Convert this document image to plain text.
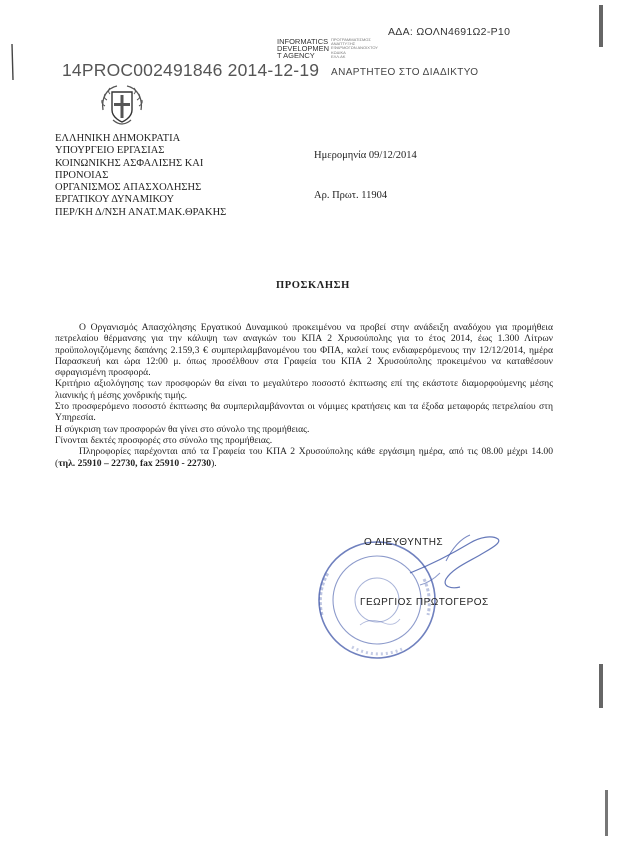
ΑΔΑ: ΩΟΛΝ4691Ω2-Ρ10
INFORMATICS
DEVELOPMEN
T AGENCY
ΠΡΟΓΡΑΜΜΑΤΙΣΜΟΣ
ΑΝΑΠΤΥΞΗΣ
ΕΦΑΡΜΟΓΩΝ ΑΝΟΙΧΤΟΥ
ΚΩΔΙΚΑ
ΕΛΛ.ΑΚ
14PROC002491846 2014-12-19 ΑΝΑΡΤΗΤΕΟ ΣΤΟ ΔΙΑΔΙΚΤΥΟ
ΕΛΛΗΝΙΚΗ ΔΗΜΟΚΡΑΤΙΑ
ΥΠΟΥΡΓΕΙΟ ΕΡΓΑΣΙΑΣ
ΚΟΙΝΩΝΙΚΗΣ ΑΣΦΑΛΙΣΗΣ ΚΑΙ
ΠΡΟΝΟΙΑΣ
ΟΡΓΑΝΙΣΜΟΣ ΑΠΑΣΧΟΛΗΣΗΣ
ΕΡΓΑΤΙΚΟΥ ΔΥΝΑΜΙΚΟΥ
ΠΕΡ/ΚΗ Δ/ΝΣΗ ΑΝΑΤ.ΜΑΚ.ΘΡΑΚΗΣ
Ημερομηνία 09/12/2014
Αρ. Πρωτ. 11904
ΠΡΟΣΚΛΗΣΗ

Ο Οργανισμός Απασχόλησης Εργατικού Δυναμικού προκειμένου να προβεί στην ανάδειξη αναδόχου για προμήθεια πετρελαίου θέρμανσης για την κάλυψη των αναγκών του ΚΠΑ 2 Χρυσούπολης για το έτος 2014, έως 1.300 Λίτρων προϋπολογιζόμενης δαπάνης 2.159,3 € συμπεριλαμβανομένου του ΦΠΑ, καλεί τους ενδιαφερόμενους την 12/12/2014, ημέρα Παρασκευή και ώρα 12:00 μ. όπως προσέλθουν στα Γραφεία του ΚΠΑ 2 Χρυσούπολης προκειμένου να καταθέσουν σφραγισμένη προσφορά.

Κριτήριο αξιολόγησης των προσφορών θα είναι το μεγαλύτερο ποσοστό έκπτωσης επί της εκάστοτε διαμορφούμενης μέσης λιανικής ή μέσης χονδρικής τιμής.

Στο προσφερόμενο ποσοστό έκπτωσης θα συμπεριλαμβάνονται οι νόμιμες κρατήσεις και τα έξοδα μεταφοράς πετρελαίου στη Υπηρεσία.

Η σύγκριση των προσφορών θα γίνει στο σύνολο της προμήθειας.

Γίνονται δεκτές προσφορές στο σύνολο της προμήθειας.

Πληροφορίες παρέχονται από τα Γραφεία του ΚΠΑ 2 Χρυσούπολης κάθε εργάσιμη ημέρα, από τις 08.00 μέχρι 14.00 (τηλ. 25910 – 22730, fax 25910 - 22730).

Ο ΔΙΕΥΘΥΝΤΗΣ
ΓΕΩΡΓΙΟΣ ΠΡΩΤΟΓΕΡΟΣ
